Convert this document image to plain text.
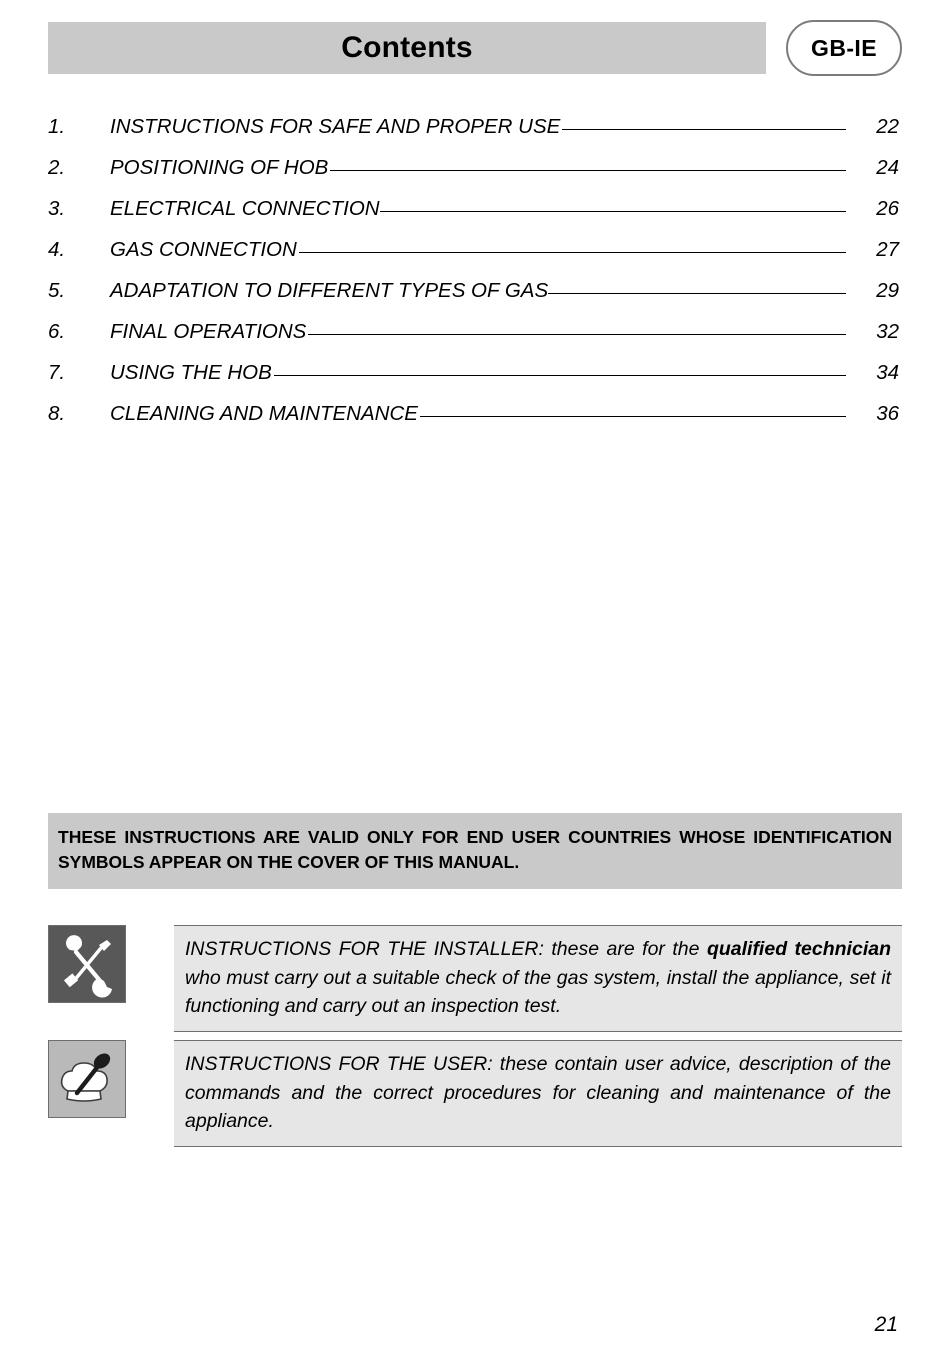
Contents	GB-IE
1.	INSTRUCTIONS FOR SAFE AND PROPER USE	22
2.	POSITIONING OF HOB	24
3.	ELECTRICAL CONNECTION	26
4.	GAS CONNECTION	27
5.	ADAPTATION TO DIFFERENT TYPES OF GAS	29
6.	FINAL OPERATIONS	32
7.	USING THE HOB	34
8.	CLEANING AND MAINTENANCE	36
THESE INSTRUCTIONS ARE VALID ONLY FOR END USER COUNTRIES WHOSE IDENTIFICATION SYMBOLS APPEAR ON THE COVER OF THIS MANUAL.
INSTRUCTIONS FOR THE INSTALLER: these are for the qualified technician who must carry out a suitable check of the gas system, install the appliance, set it functioning and carry out an inspection test.
INSTRUCTIONS FOR THE USER: these contain user advice, description of the commands and the correct procedures for cleaning and maintenance of the appliance.
21
